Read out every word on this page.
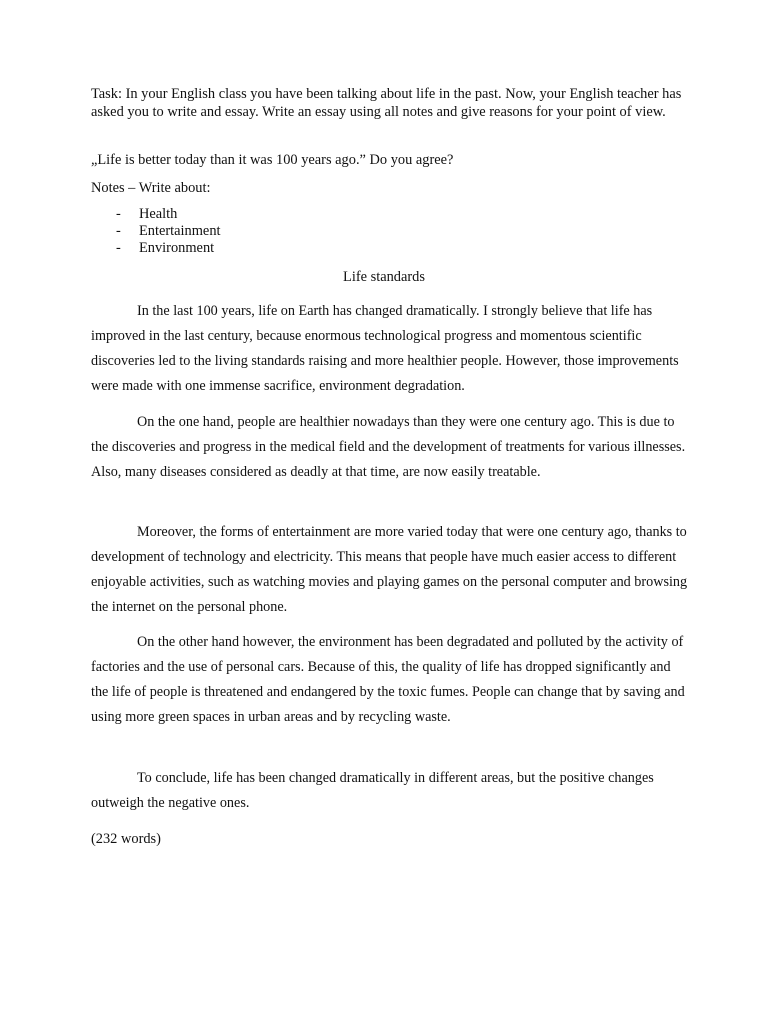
Task: In your English class you have been talking about life in the past. Now, your English teacher has asked you to write and essay. Write an essay using all notes and give reasons for your point of view.

„Life is better today than it was 100 years ago.” Do you agree?

Notes – Write about:

-	Health
-	Entertainment
-	Environment

Life standards

In the last 100 years, life on Earth has changed dramatically. I strongly believe that life has improved in the last century, because enormous technological progress and momentous scientific discoveries led to the living standards raising and more healthier people. However, those improvements were made with one immense sacrifice, environment degradation.

On the one hand, people are healthier nowadays than they were one century ago. This is due to the discoveries and progress in the medical field and the development of treatments for various illnesses. Also, many diseases considered as deadly at that time, are now easily treatable.

Moreover, the forms of entertainment are more varied today that were one century ago, thanks to development of technology and electricity. This means that people have much easier access to different enjoyable activities, such as watching movies and playing games on the personal computer and browsing the internet on the personal phone.

On the other hand however, the environment has been degradated and polluted by the activity of factories and the use of personal cars. Because of this, the quality of life has dropped significantly and the life of people is threatened and endangered by the toxic fumes. People can change that by saving and using more green spaces in urban areas and by recycling waste.

To conclude, life has been changed dramatically in different areas, but the positive changes outweigh the negative ones.

(232 words)
